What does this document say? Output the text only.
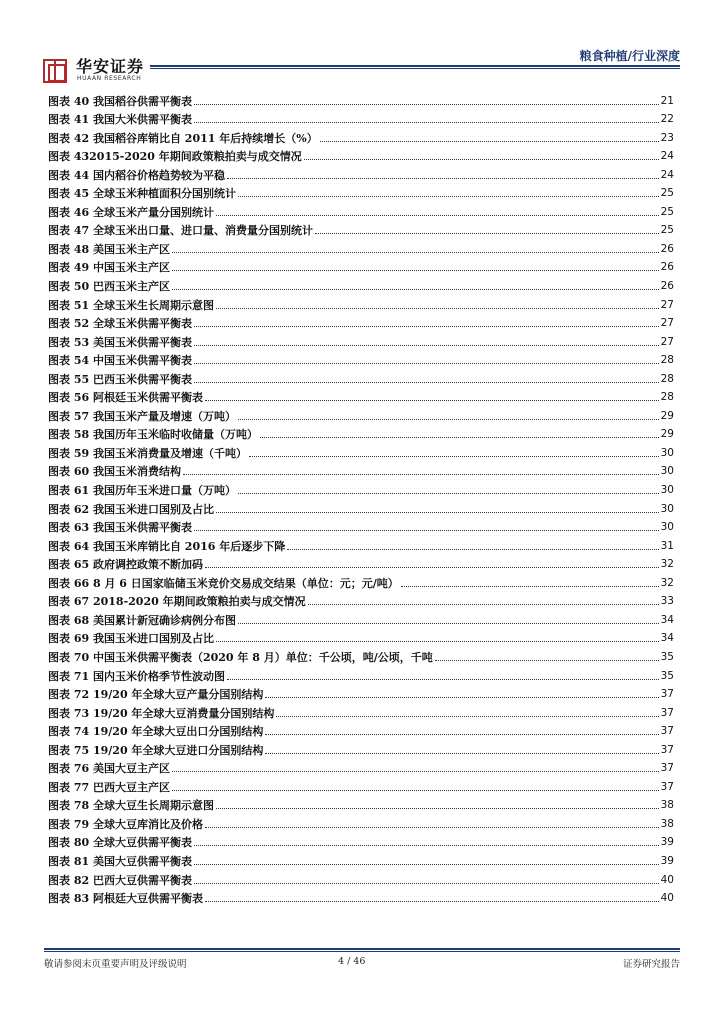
华安证券
HUAAN RESEARCH
粮食种植/行业深度
图表 40 我国稻谷供需平衡表	21
图表 41 我国大米供需平衡表	22
图表 42 我国稻谷库销比自 2011 年后持续增长（%）	23
图表 432015-2020 年期间政策粮拍卖与成交情况	24
图表 44 国内稻谷价格趋势较为平稳	24
图表 45 全球玉米种植面积分国别统计	25
图表 46 全球玉米产量分国别统计	25
图表 47 全球玉米出口量、进口量、消费量分国别统计	25
图表 48 美国玉米主产区	26
图表 49 中国玉米主产区	26
图表 50 巴西玉米主产区	26
图表 51 全球玉米生长周期示意图	27
图表 52 全球玉米供需平衡表	27
图表 53 美国玉米供需平衡表	27
图表 54 中国玉米供需平衡表	28
图表 55 巴西玉米供需平衡表	28
图表 56 阿根廷玉米供需平衡表	28
图表 57 我国玉米产量及增速（万吨）	29
图表 58 我国历年玉米临时收储量（万吨）	29
图表 59 我国玉米消费量及增速（千吨）	30
图表 60 我国玉米消费结构	30
图表 61 我国历年玉米进口量（万吨）	30
图表 62 我国玉米进口国别及占比	30
图表 63 我国玉米供需平衡表	30
图表 64 我国玉米库销比自 2016 年后逐步下降	31
图表 65 政府调控政策不断加码	32
图表 66 8 月 6 日国家临储玉米竞价交易成交结果（单位：元；元/吨）	32
图表 67 2018-2020 年期间政策粮拍卖与成交情况	33
图表 68 美国累计新冠确诊病例分布图	34
图表 69 我国玉米进口国别及占比	34
图表 70 中国玉米供需平衡表（2020 年 8 月）单位：千公顷，吨/公顷，千吨	35
图表 71 国内玉米价格季节性波动图	35
图表 72 19/20 年全球大豆产量分国别结构	37
图表 73 19/20 年全球大豆消费量分国别结构	37
图表 74 19/20 年全球大豆出口分国别结构	37
图表 75 19/20 年全球大豆进口分国别结构	37
图表 76 美国大豆主产区	37
图表 77 巴西大豆主产区	37
图表 78 全球大豆生长周期示意图	38
图表 79 全球大豆库消比及价格	38
图表 80 全球大豆供需平衡表	39
图表 81 美国大豆供需平衡表	39
图表 82 巴西大豆供需平衡表	40
图表 83 阿根廷大豆供需平衡表	40
敬请参阅末页重要声明及评级说明	4 / 46	证券研究报告
